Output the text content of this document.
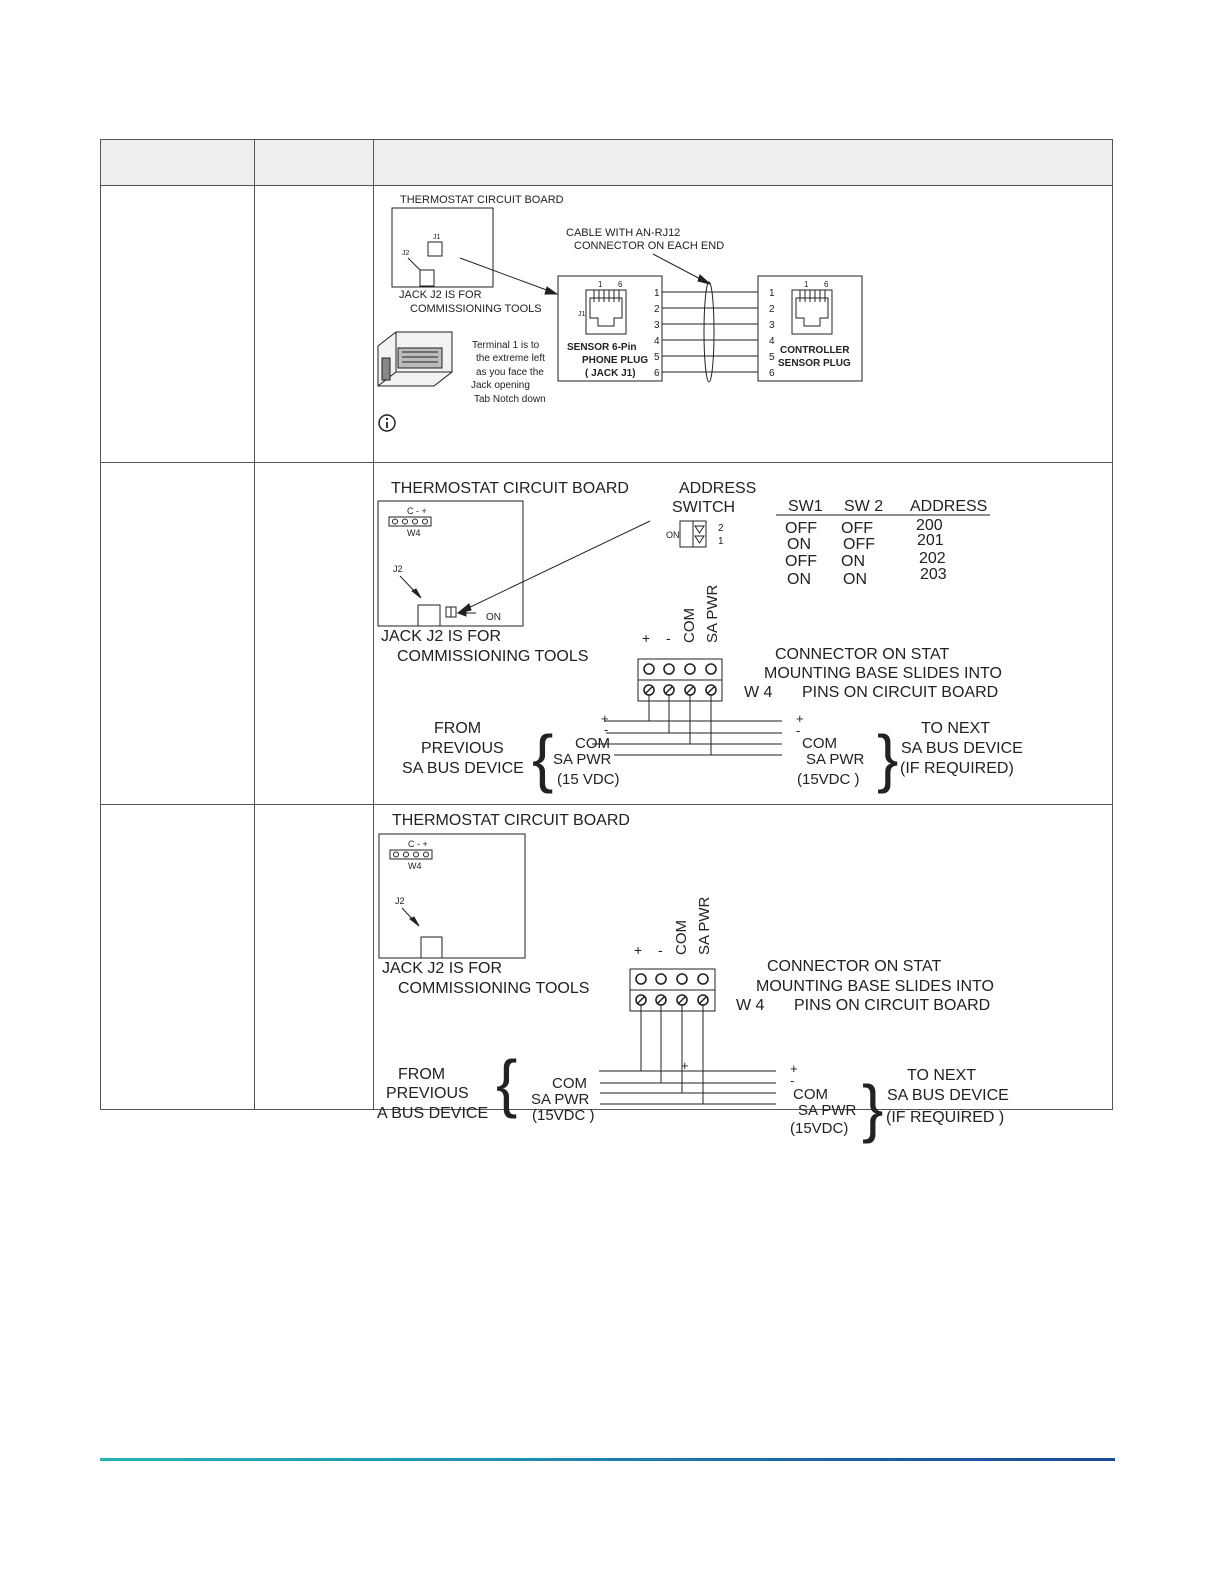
THERMOSTAT CIRCUIT BOARD
J1
J2
JACK J2 IS FOR
COMMISSIONING TOOLS
CABLE WITH AN-RJ12
CONNECTOR ON EACH END
1 6
J1
SENSOR 6-Pin
PHONE PLUG
( JACK J1)
1
2
3
4
5
6
1 6
1
2
3
4
5
6
CONTROLLER
SENSOR PLUG
Terminal 1 is to
the extreme left
as you face the
Jack opening
Tab Notch down
THERMOSTAT CIRCUIT BOARD
C - +
W4
J2
ON
JACK J2 IS FOR
COMMISSIONING TOOLS
ADDRESS
SWITCH
ON
2
1
SW1 SW 2 ADDRESS
OFF OFF	200
ON OFF	201
OFF ON	202
ON ON	203
+ - COM SA PWR
CONNECTOR ON STAT
MOUNTING BASE SLIDES INTO
W 4 PINS ON CIRCUIT BOARD
+
-
+
-
FROM
PREVIOUS
SA BUS DEVICE { COM
SA PWR
(15 VDC)
COM
SA PWR
(15VDC ) } TO NEXT
SA BUS DEVICE
(IF REQUIRED)
THERMOSTAT CIRCUIT BOARD
C - +
W4
J2
JACK J2 IS FOR
COMMISSIONING TOOLS
+ - COM SA PWR
CONNECTOR ON STAT
MOUNTING BASE SLIDES INTO
W 4 PINS ON CIRCUIT BOARD
+	+
-
FROM
PREVIOUS
A BUS DEVICE { COM
SA PWR
(15VDC )
COM
SA PWR
(15VDC) } TO NEXT
SA BUS DEVICE
(IF REQUIRED )
